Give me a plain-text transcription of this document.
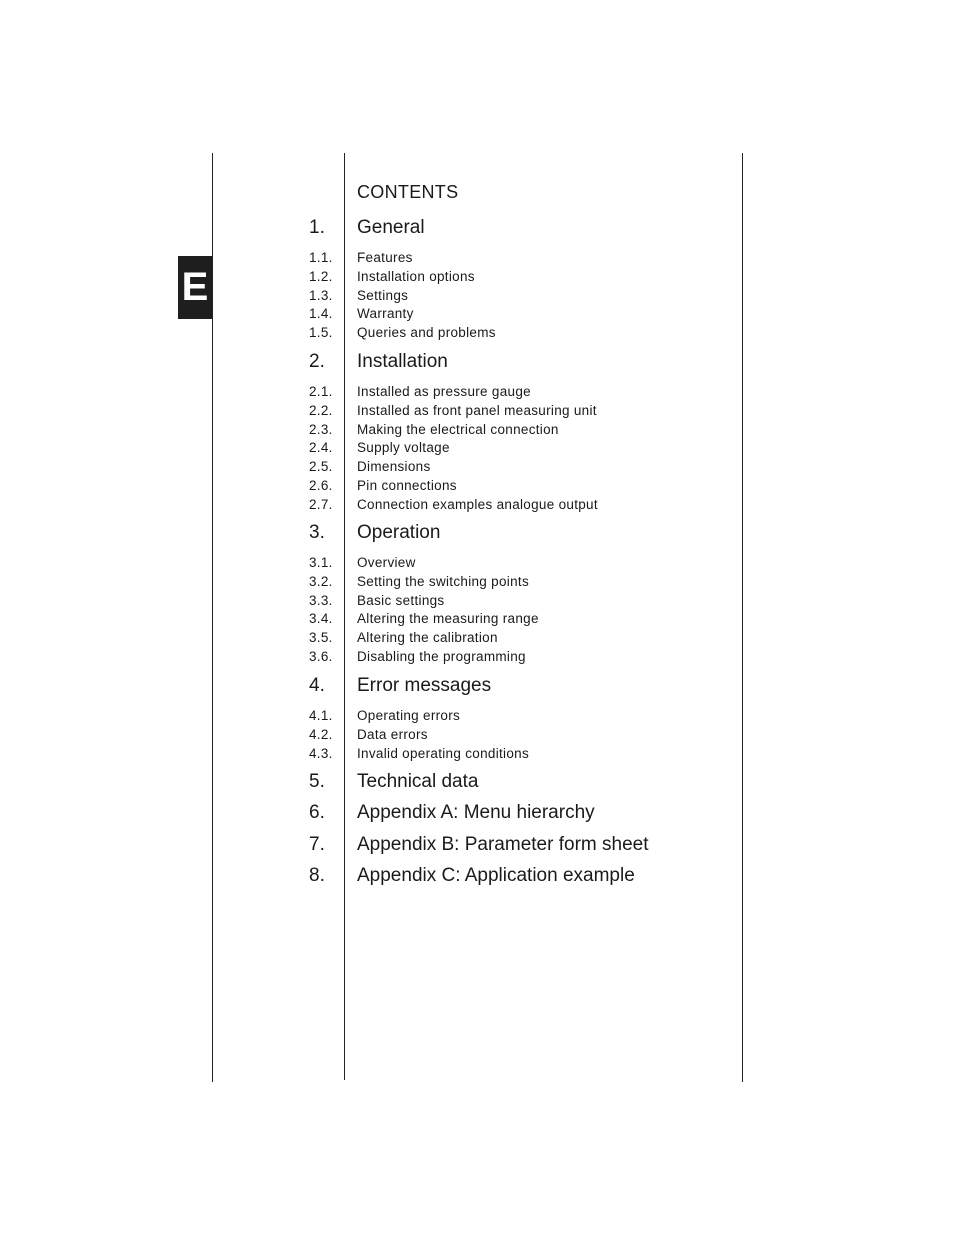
E
CONTENTS
1. General
1.1. Features
1.2. Installation options
1.3. Settings
1.4. Warranty
1.5. Queries and problems
2. Installation
2.1. Installed as pressure gauge
2.2. Installed as front panel measuring unit
2.3. Making the electrical connection
2.4. Supply voltage
2.5. Dimensions
2.6. Pin connections
2.7. Connection examples analogue output
3. Operation
3.1. Overview
3.2. Setting the switching points
3.3. Basic settings
3.4. Altering the measuring range
3.5. Altering the calibration
3.6. Disabling the programming
4. Error messages
4.1. Operating errors
4.2. Data errors
4.3. Invalid operating conditions
5. Technical data
6. Appendix A: Menu hierarchy
7. Appendix B: Parameter form sheet
8. Appendix C: Application example
